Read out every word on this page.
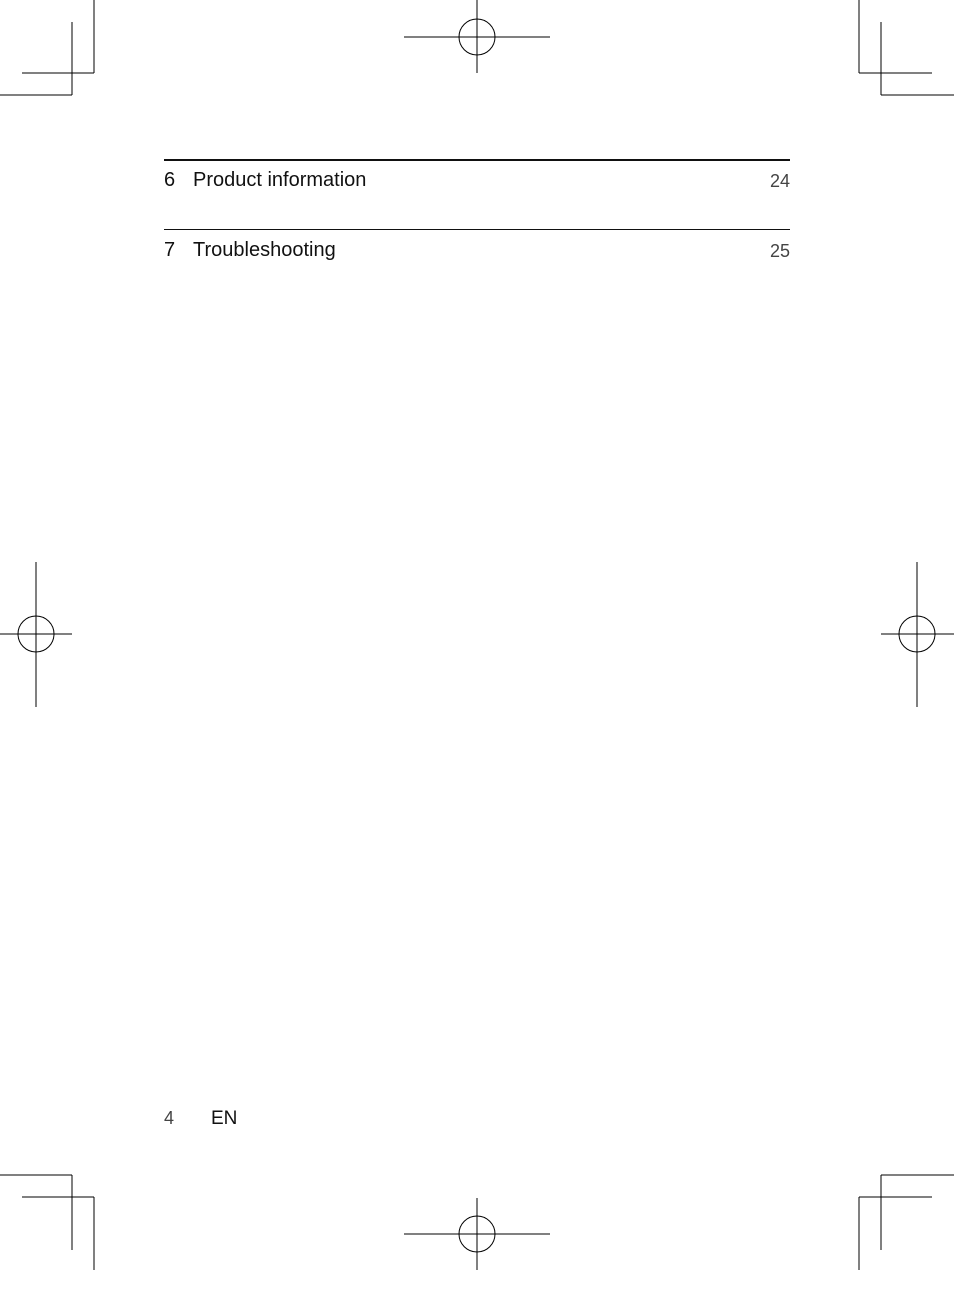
6 Product information	24
7 Troubleshooting	25
4 EN
